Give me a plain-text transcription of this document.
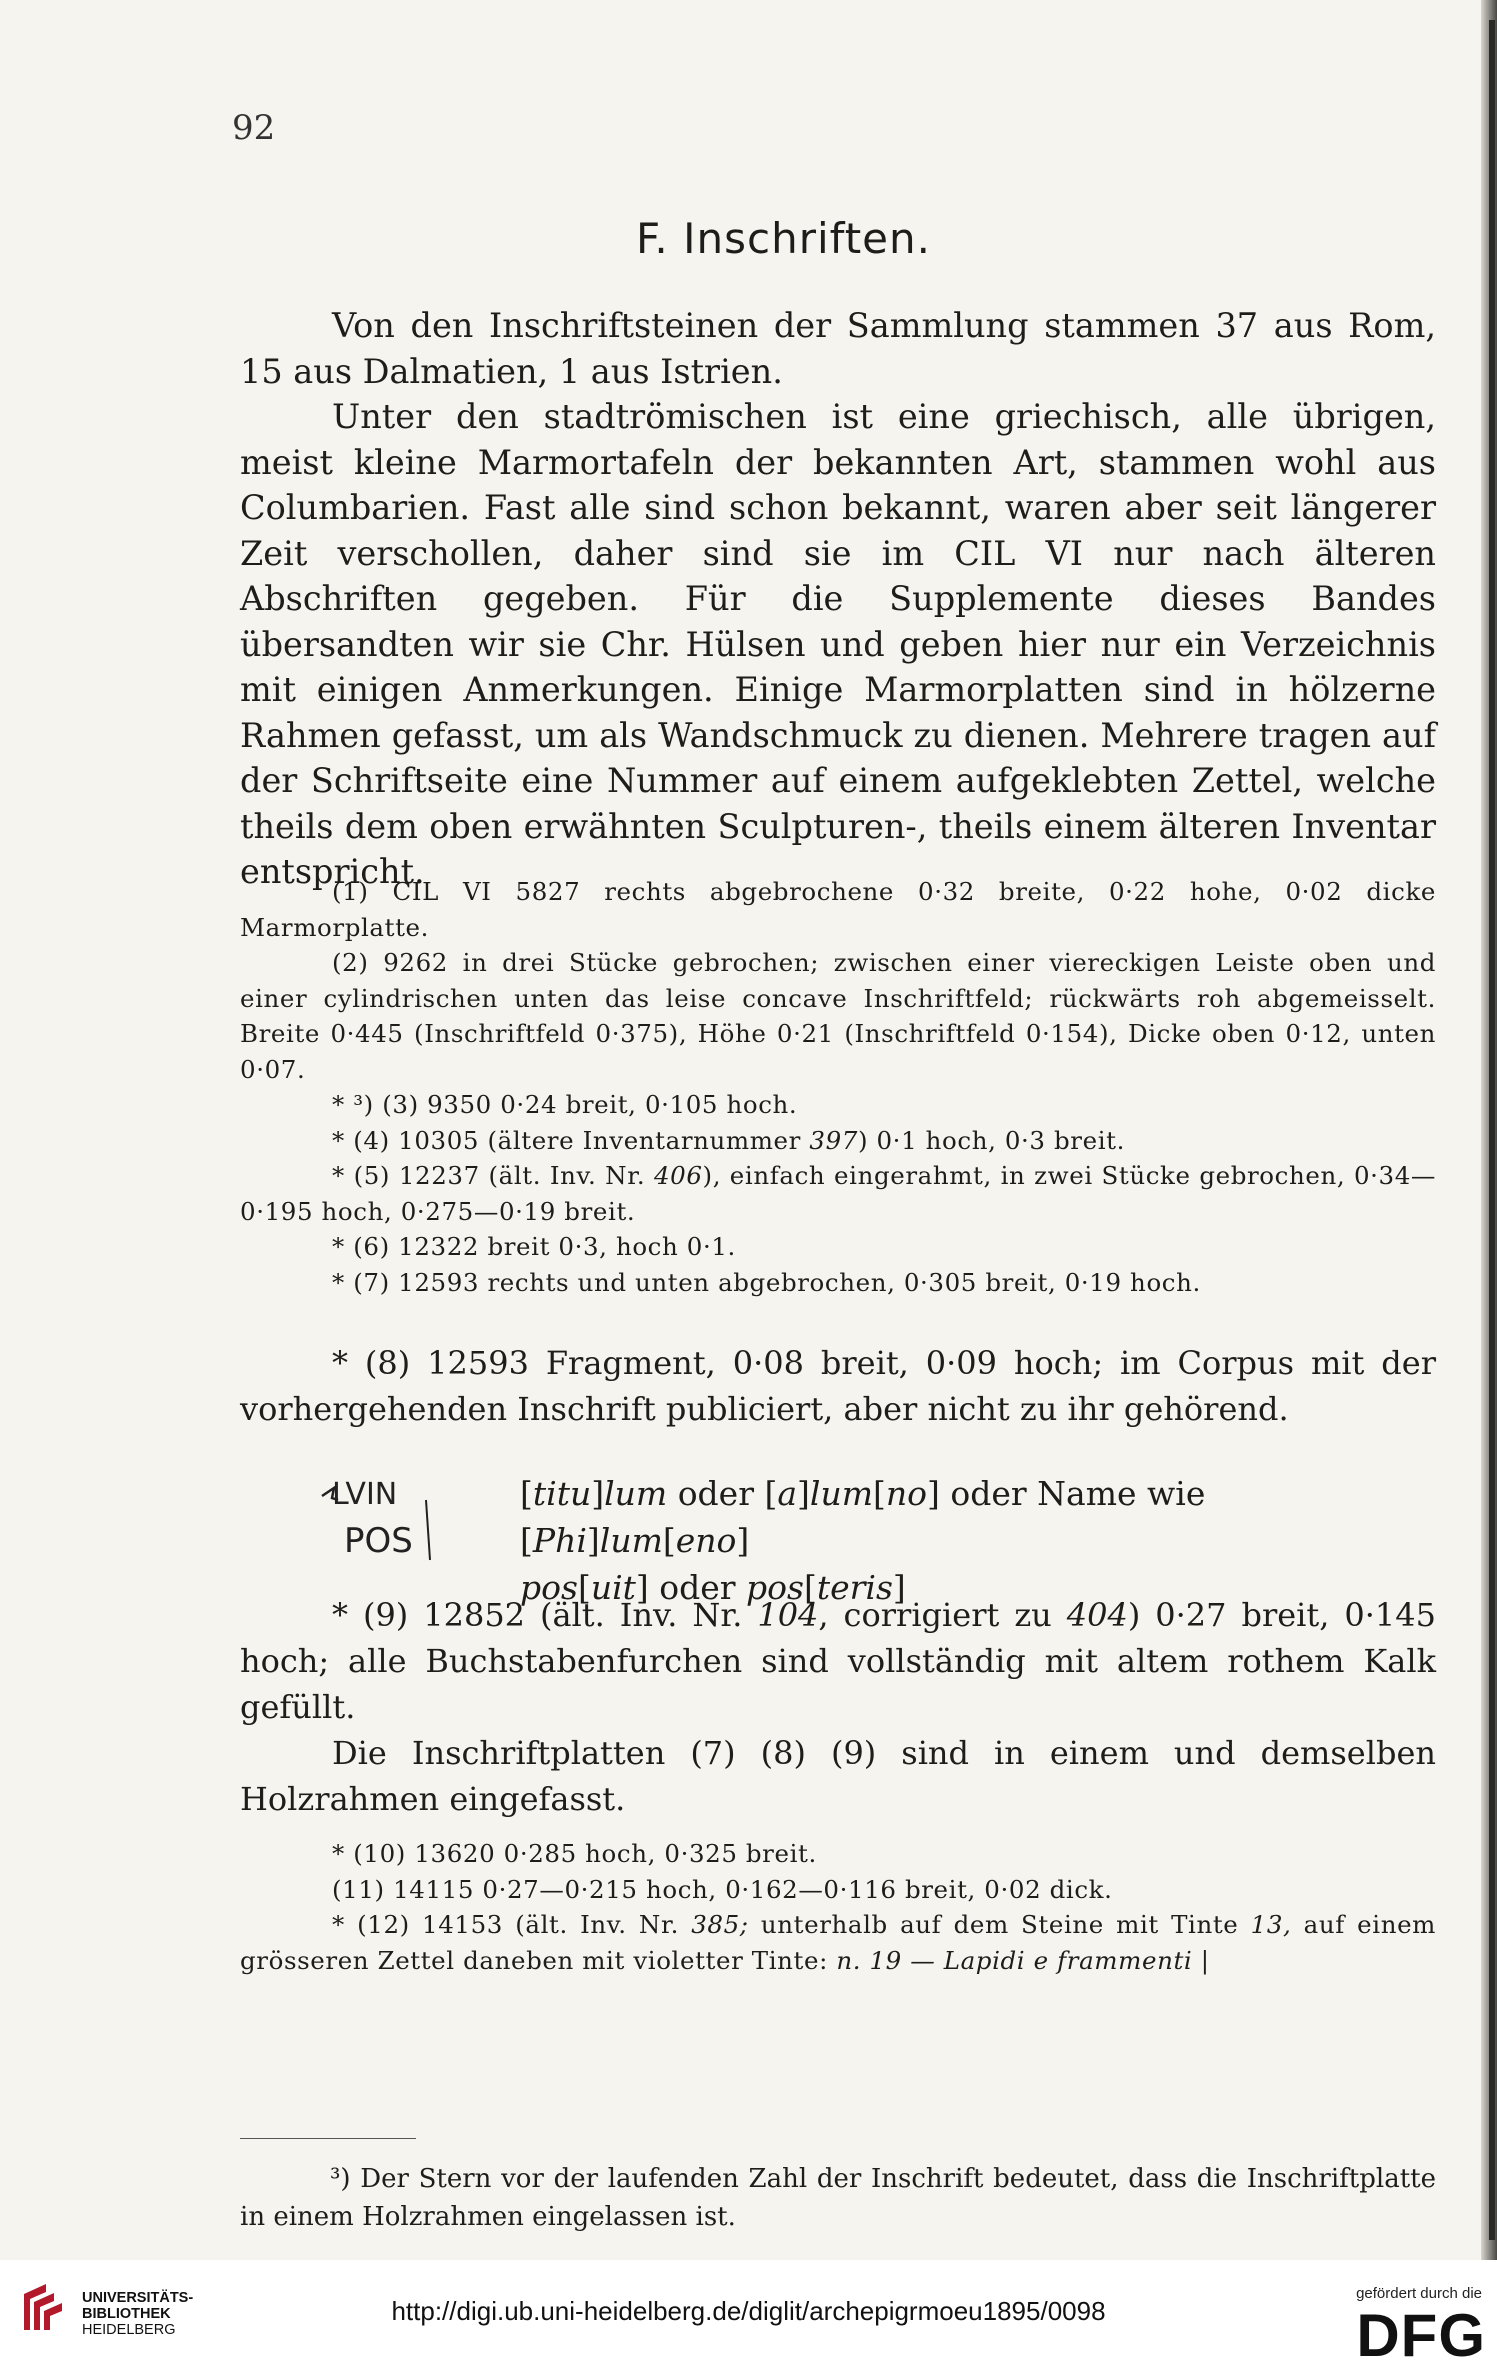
92
F. Inschriften.

Von den Inschriftsteinen der Sammlung stammen 37 aus Rom, 15 aus Dalmatien, 1 aus Istrien.

Unter den stadtrömischen ist eine griechisch, alle übrigen, meist kleine Marmortafeln der bekannten Art, stammen wohl aus Columbarien. Fast alle sind schon bekannt, waren aber seit längerer Zeit verschollen, daher sind sie im CIL VI nur nach älteren Abschriften gegeben. Für die Supplemente dieses Bandes übersandten wir sie Chr. Hülsen und geben hier nur ein Verzeichnis mit einigen Anmerkungen. Einige Marmorplatten sind in hölzerne Rahmen gefasst, um als Wandschmuck zu dienen. Mehrere tragen auf der Schriftseite eine Nummer auf einem aufgeklebten Zettel, welche theils dem oben erwähnten Sculpturen-, theils einem älteren Inventar entspricht.

(1) CIL VI 5827 rechts abgebrochene 0·32 breite, 0·22 hohe, 0·02 dicke Marmorplatte.

(2) 9262 in drei Stücke gebrochen; zwischen einer viereckigen Leiste oben und einer cylindrischen unten das leise concave Inschriftfeld; rückwärts roh abgemeisselt. Breite 0·445 (Inschriftfeld 0·375), Höhe 0·21 (Inschriftfeld 0·154), Dicke oben 0·12, unten 0·07.

* ³) (3) 9350 0·24 breit, 0·105 hoch.

* (4) 10305 (ältere Inventarnummer 397) 0·1 hoch, 0·3 breit.

* (5) 12237 (ält. Inv. Nr. 406), einfach eingerahmt, in zwei Stücke gebrochen, 0·34—0·195 hoch, 0·275—0·19 breit.

* (6) 12322 breit 0·3, hoch 0·1.

* (7) 12593 rechts und unten abgebrochen, 0·305 breit, 0·19 hoch.

* (8) 12593 Fragment, 0·08 breit, 0·09 hoch; im Corpus mit der vorhergehenden Inschrift publiciert, aber nicht zu ihr gehörend.

LVIN
POS
[titu]lum oder [a]lum[no] oder Name wie [Phi]lum[eno]
pos[uit] oder pos[teris]

* (9) 12852 (ält. Inv. Nr. 104, corrigiert zu 404) 0·27 breit, 0·145 hoch; alle Buchstabenfurchen sind vollständig mit altem rothem Kalk gefüllt.

Die Inschriftplatten (7) (8) (9) sind in einem und demselben Holzrahmen eingefasst.

* (10) 13620 0·285 hoch, 0·325 breit.

(11) 14115 0·27—0·215 hoch, 0·162—0·116 breit, 0·02 dick.

* (12) 14153 (ält. Inv. Nr. 385; unterhalb auf dem Steine mit Tinte 13, auf einem grösseren Zettel daneben mit violetter Tinte: n. 19 — Lapidi e frammenti |

³) Der Stern vor der laufenden Zahl der Inschrift bedeutet, dass die Inschriftplatte in einem Holzrahmen eingelassen ist.

UNIVERSITÄTS-
BIBLIOTHEK
HEIDELBERG
http://digi.ub.uni-heidelberg.de/diglit/archepigrmoeu1895/0098
gefördert durch die
DFG
